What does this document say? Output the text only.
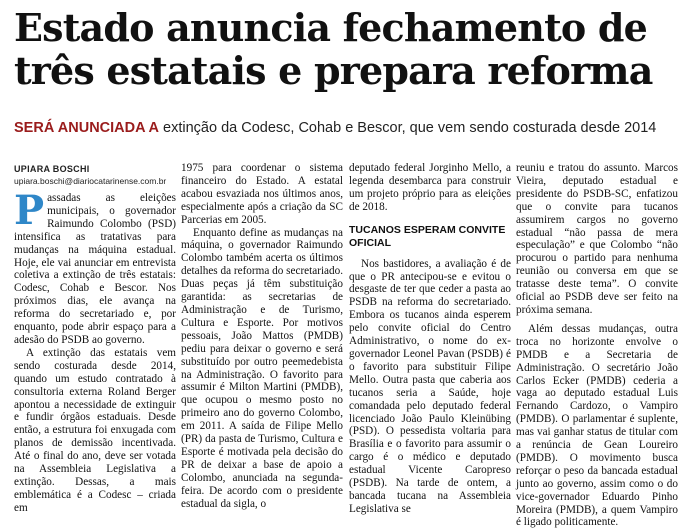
Estado anuncia fechamento de
três estatais e prepara reforma
SERÁ ANUNCIADA A extinção da Codesc, Cohab e Bescor, que vem sendo costurada desde 2014
UPIARA BOSCHI
upiara.boschi@diariocatarinense.com.br

Passadas as eleições municipais, o governador Raimundo Colombo (PSD) intensifica as tratativas para mudanças na máquina estadual. Hoje, ele vai anunciar em entrevista coletiva a extinção de três estatais: Codesc, Cohab e Bescor. Nos próximos dias, ele avança na reforma do secretariado e, por enquanto, pode abrir espaço para a adesão do PSDB ao governo.

A extinção das estatais vem sendo costurada desde 2014, quando um estudo contratado à consultoria externa Roland Berger apontou a necessidade de extinguir e fundir órgãos estaduais. Desde então, a estrutura foi enxugada com planos de demissão incentivada. Até o final do ano, deve ser votada na Assembleia Legislativa a extinção. Dessas, a mais emblemática é a Codesc – criada em

1975 para coordenar o sistema financeiro do Estado. A estatal acabou esvaziada nos últimos anos, especialmente após a criação da SC Parcerias em 2005.

Enquanto define as mudanças na máquina, o governador Raimundo Colombo também acerta os últimos detalhes da reforma do secretariado. Duas peças já têm substituição garantida: as secretarias de Administração e de Turismo, Cultura e Esporte. Por motivos pessoais, João Mattos (PMDB) pediu para deixar o governo e será substituído por outro peemedebista na Administração. O favorito para assumir é Milton Martini (PMDB), que ocupou o mesmo posto no primeiro ano do governo Colombo, em 2011. A saída de Filipe Mello (PR) da pasta de Turismo, Cultura e Esporte é motivada pela decisão do PR de deixar a base de apoio a Colombo, anunciada na segunda-feira. De acordo com o presidente estadual da sigla, o

deputado federal Jorginho Mello, a legenda desembarca para construir um projeto próprio para as eleições de 2018.

TUCANOS ESPERAM CONVITE OFICIAL

Nos bastidores, a avaliação é de que o PR antecipou-se e evitou o desgaste de ter que ceder a pasta ao PSDB na reforma do secretariado. Embora os tucanos ainda esperem pelo convite oficial do Centro Administrativo, o nome do ex-governador Leonel Pavan (PSDB) é o favorito para substituir Filipe Mello. Outra pasta que caberia aos tucanos seria a Saúde, hoje comandada pelo deputado federal licenciado João Paulo Kleinübing (PSD). O pessedista voltaria para Brasília e o favorito para assumir o cargo é o médico e deputado estadual Vicente Caropreso (PSDB). Na tarde de ontem, a bancada tucana na Assembleia Legislativa se

reuniu e tratou do assunto. Marcos Vieira, deputado estadual e presidente do PSDB-SC, enfatizou que o convite para tucanos assumirem cargos no governo estadual “não passa de mera especulação” e que Colombo “não procurou o partido para nenhuma reunião ou conversa em que se tratasse deste tema”. O convite oficial ao PSDB deve ser feito na próxima semana.

Além dessas mudanças, outra troca no horizonte envolve o PMDB e a Secretaria de Administração. O secretário João Carlos Ecker (PMDB) cederia a vaga ao deputado estadual Luis Fernando Cardozo, o Vampiro (PMDB). O parlamentar é suplente, mas vai ganhar status de titular com a renúncia de Gean Loureiro (PMDB). O movimento busca reforçar o peso da bancada estadual junto ao governo, assim como o do vice-governador Eduardo Pinho Moreira (PMDB), a quem Vampiro é ligado politicamente.
